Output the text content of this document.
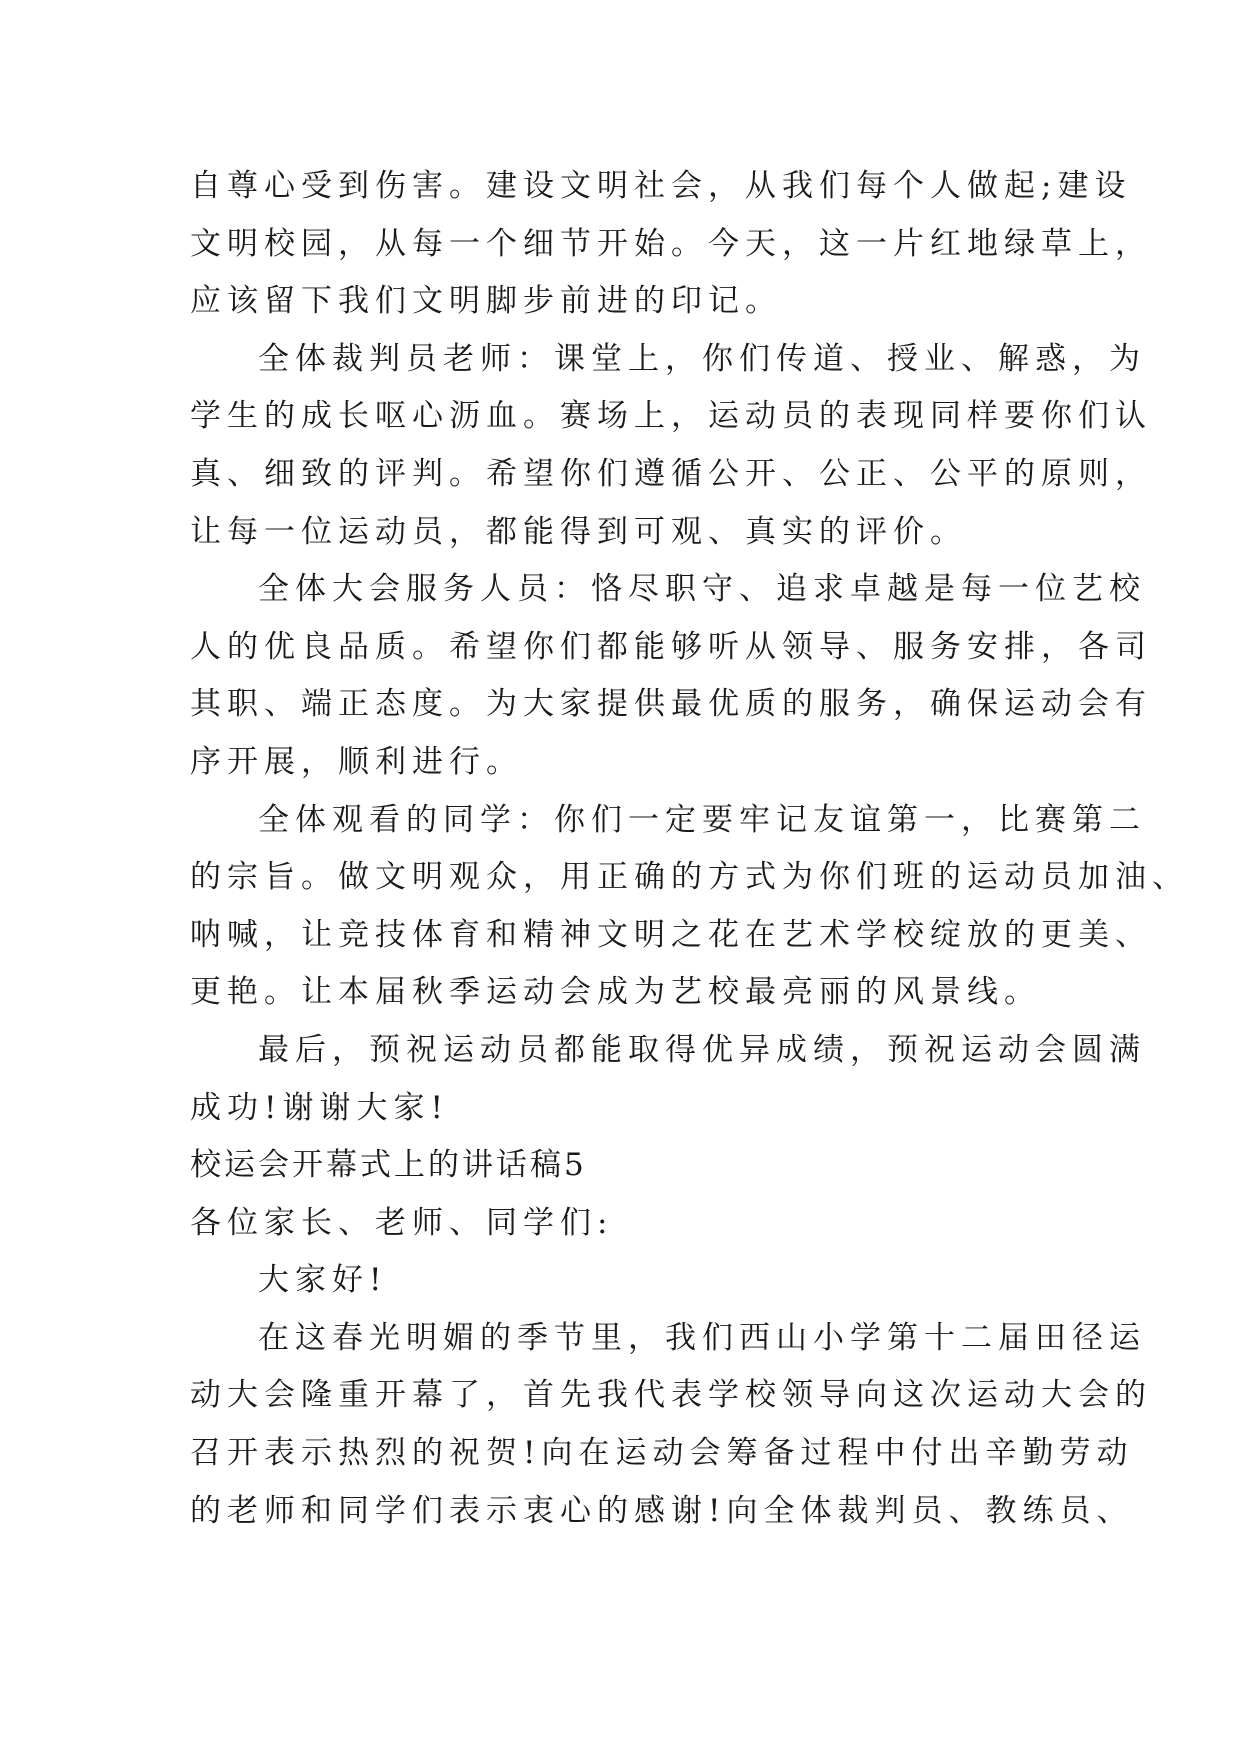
自尊心受到伤害。建设文明社会，从我们每个人做起;建设
文明校园，从每一个细节开始。今天，这一片红地绿草上，
应该留下我们文明脚步前进的印记。
全体裁判员老师：课堂上，你们传道、授业、解惑，为
学生的成长呕心沥血。赛场上，运动员的表现同样要你们认
真、细致的评判。希望你们遵循公开、公正、公平的原则，
让每一位运动员，都能得到可观、真实的评价。
全体大会服务人员：恪尽职守、追求卓越是每一位艺校
人的优良品质。希望你们都能够听从领导、服务安排，各司
其职、端正态度。为大家提供最优质的服务，确保运动会有
序开展，顺利进行。
全体观看的同学：你们一定要牢记友谊第一，比赛第二
的宗旨。做文明观众，用正确的方式为你们班的运动员加油、
呐喊，让竞技体育和精神文明之花在艺术学校绽放的更美、
更艳。让本届秋季运动会成为艺校最亮丽的风景线。
最后，预祝运动员都能取得优异成绩，预祝运动会圆满
成功!谢谢大家!
校运会开幕式上的讲话稿5
各位家长、老师、同学们:
大家好!
在这春光明媚的季节里，我们西山小学第十二届田径运
动大会隆重开幕了，首先我代表学校领导向这次运动大会的
召开表示热烈的祝贺!向在运动会筹备过程中付出辛勤劳动
的老师和同学们表示衷心的感谢!向全体裁判员、教练员、
